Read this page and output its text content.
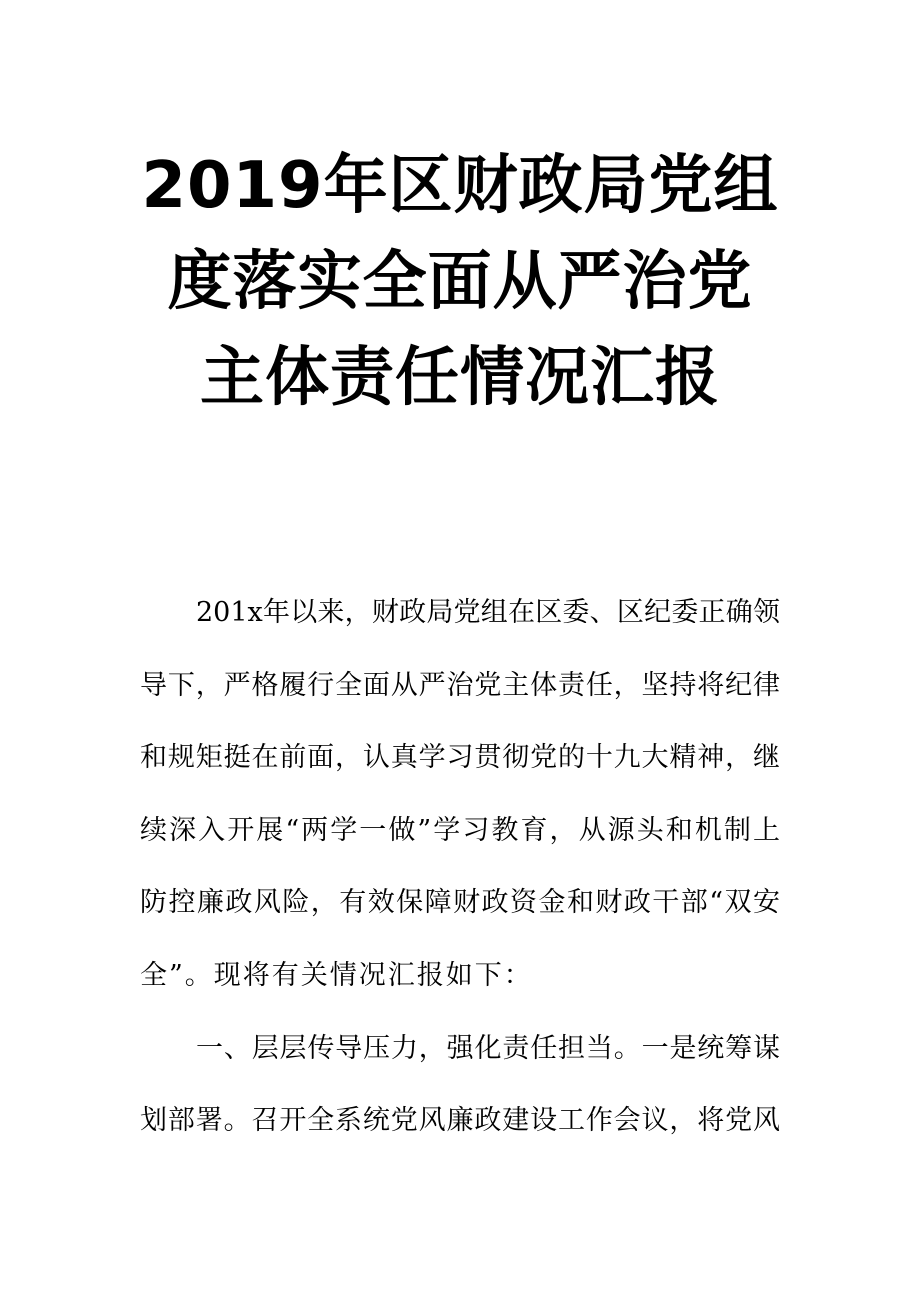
2019年区财政局党组
度落实全面从严治党
主体责任情况汇报
201x年以来，财政局党组在区委、区纪委正确领
导下，严格履行全面从严治党主体责任，坚持将纪律
和规矩挺在前面，认真学习贯彻党的十九大精神，继
续深入开展“两学一做”学习教育，从源头和机制上
防控廉政风险，有效保障财政资金和财政干部“双安
全”。现将有关情况汇报如下：
一、层层传导压力，强化责任担当。一是统筹谋
划部署。召开全系统党风廉政建设工作会议，将党风
